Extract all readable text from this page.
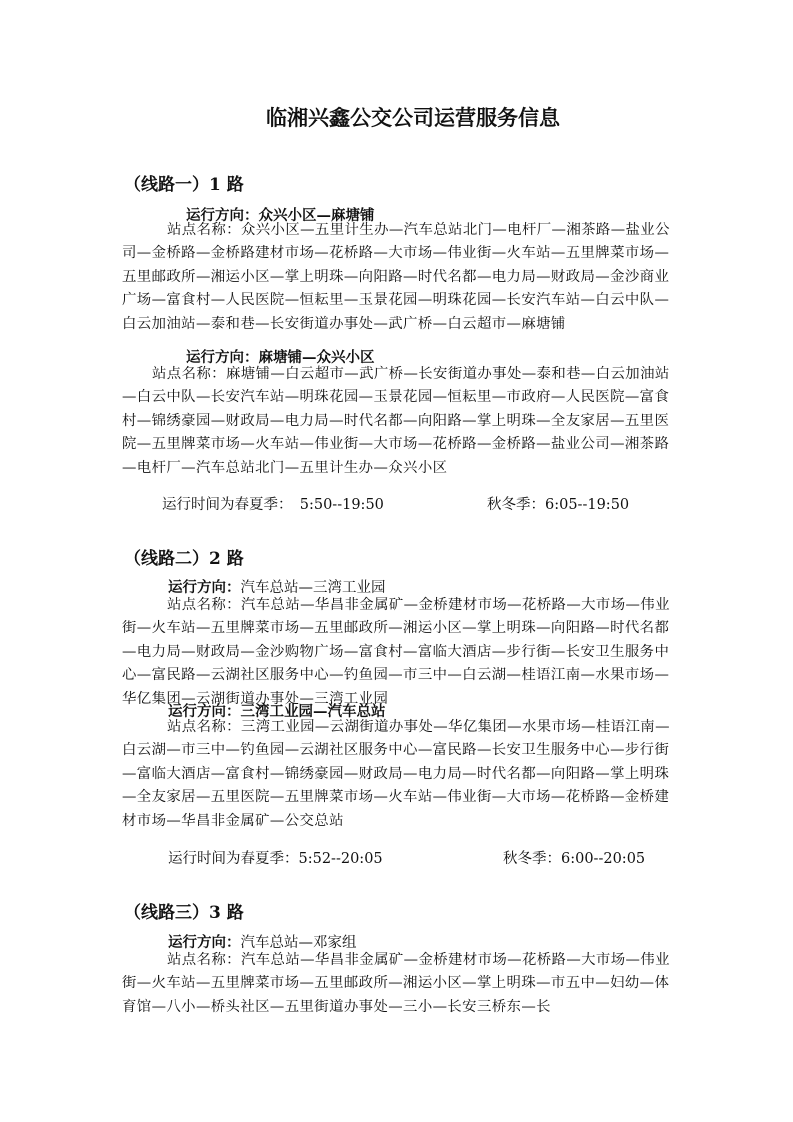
临湘兴鑫公交公司运营服务信息
（线路一）1 路
运行方向：众兴小区—麻塘铺

站点名称：众兴小区—五里计生办—汽车总站北门—电杆厂—湘茶路—盐业公司—金桥路—金桥路建材市场—花桥路—大市场—伟业街—火车站—五里牌菜市场—五里邮政所—湘运小区—掌上明珠—向阳路—时代名都—电力局—财政局—金沙商业广场—富食村—人民医院—恒耘里—玉景花园—明珠花园—长安汽车站—白云中队—白云加油站—泰和巷—长安街道办事处—武广桥—白云超市—麻塘铺

运行方向：麻塘铺—众兴小区

站点名称：麻塘铺—白云超市—武广桥—长安街道办事处—泰和巷—白云加油站—白云中队—长安汽车站—明珠花园—玉景花园—恒耘里—市政府—人民医院—富食村—锦绣豪园—财政局—电力局—时代名都—向阳路—掌上明珠—全友家居—五里医院—五里牌菜市场—火车站—伟业街—大市场—花桥路—金桥路—盐业公司—湘茶路—电杆厂—汽车总站北门—五里计生办—众兴小区

运行时间为春夏季：　5:50--19:50	秋冬季：6:05--19:50
（线路二）2 路
运行方向：汽车总站—三湾工业园

站点名称：汽车总站—华昌非金属矿—金桥建材市场—花桥路—大市场—伟业街—火车站—五里牌菜市场—五里邮政所—湘运小区—掌上明珠—向阳路—时代名都—电力局—财政局—金沙购物广场—富食村—富临大酒店—步行街—长安卫生服务中心—富民路—云湖社区服务中心—钓鱼园—市三中—白云湖—桂语江南—水果市场—华亿集团—云湖街道办事处—三湾工业园

运行方向：三湾工业园—汽车总站

站点名称：三湾工业园—云湖街道办事处—华亿集团—水果市场—桂语江南—白云湖—市三中—钓鱼园—云湖社区服务中心—富民路—长安卫生服务中心—步行街—富临大酒店—富食村—锦绣豪园—财政局—电力局—时代名都—向阳路—掌上明珠—全友家居—五里医院—五里牌菜市场—火车站—伟业街—大市场—花桥路—金桥建材市场—华昌非金属矿—公交总站

运行时间为春夏季：5:52--20:05	秋冬季：6:00--20:05
（线路三）3 路
运行方向：汽车总站—邓家组

站点名称：汽车总站—华昌非金属矿—金桥建材市场—花桥路—大市场—伟业街—火车站—五里牌菜市场—五里邮政所—湘运小区—掌上明珠—市五中—妇幼—体育馆—八小—桥头社区—五里街道办事处—三小—长安三桥东—长
